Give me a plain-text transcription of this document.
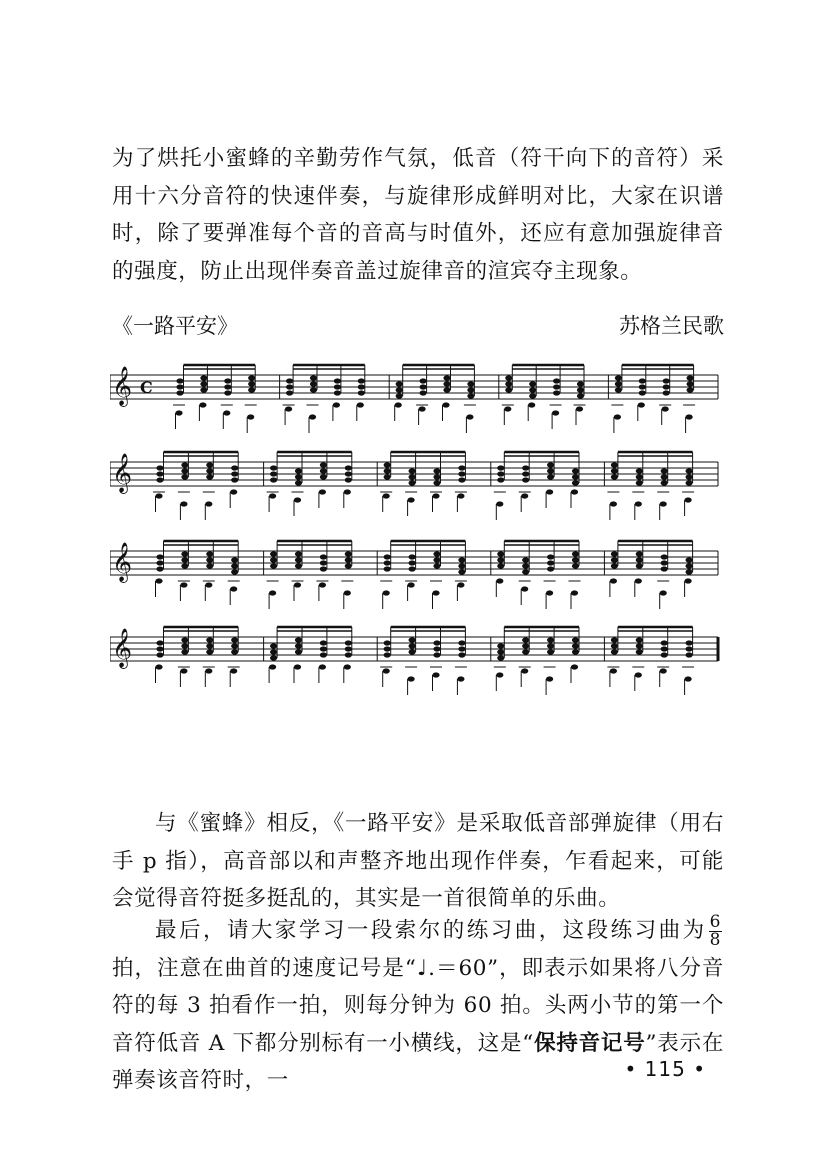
为了烘托小蜜蜂的辛勤劳作气氛，低音（符干向下的音符）采用十六分音符的快速伴奏，与旋律形成鲜明对比，大家在识谱时，除了要弹准每个音的音高与时值外，还应有意加强旋律音的强度，防止出现伴奏音盖过旋律音的渲宾夺主现象。

《一路平安》	苏格兰民歌
𝄞 C
𝄞
𝄞
𝄞

与《蜜蜂》相反，《一路平安》是采取低音部弹旋律（用右手 p 指），高音部以和声整齐地出现作伴奏，乍看起来，可能会觉得音符挺多挺乱的，其实是一首很简单的乐曲。

最后，请大家学习一段索尔的练习曲，这段练习曲为 $\frac{6}{8}$
拍，注意在曲首的速度记号是“♩.＝60”，即表示如果将八分音符的每 3 拍看作一拍，则每分钟为 60 拍。头两小节的第一个音符低音 A 下都分别标有一小横线，这是“保持音记号”表示在弹奏该音符时，一	• 115 •
